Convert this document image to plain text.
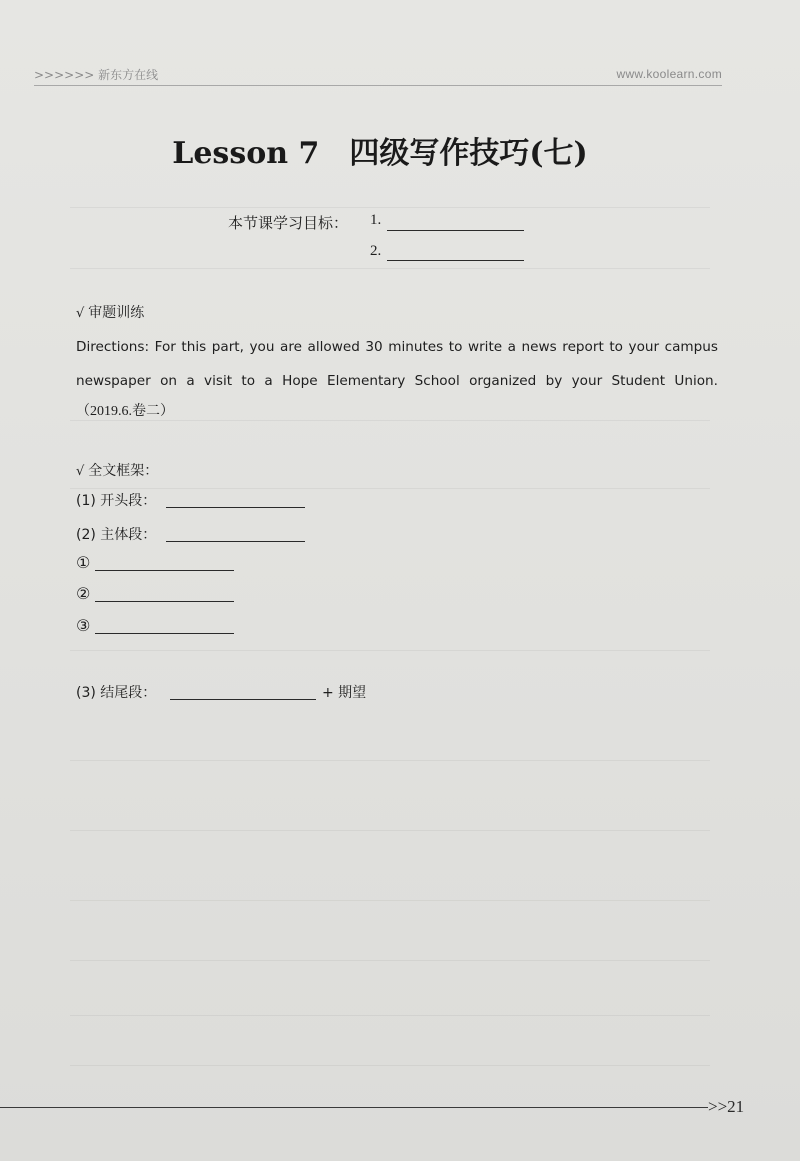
>>>>>> 新东方在线	www.koolearn.com
Lesson 7 四级写作技巧(七)
本节课学习目标： 1.
2.
√ 审题训练
Directions: For this part, you are allowed 30 minutes to write a news report to your campus
newspaper on a visit to a Hope Elementary School organized by your Student Union.
（2019.6.卷二）
√ 全文框架：
(1) 开头段：
(2) 主体段：
①
②
③
(3) 结尾段：	+ 期望
>>21
